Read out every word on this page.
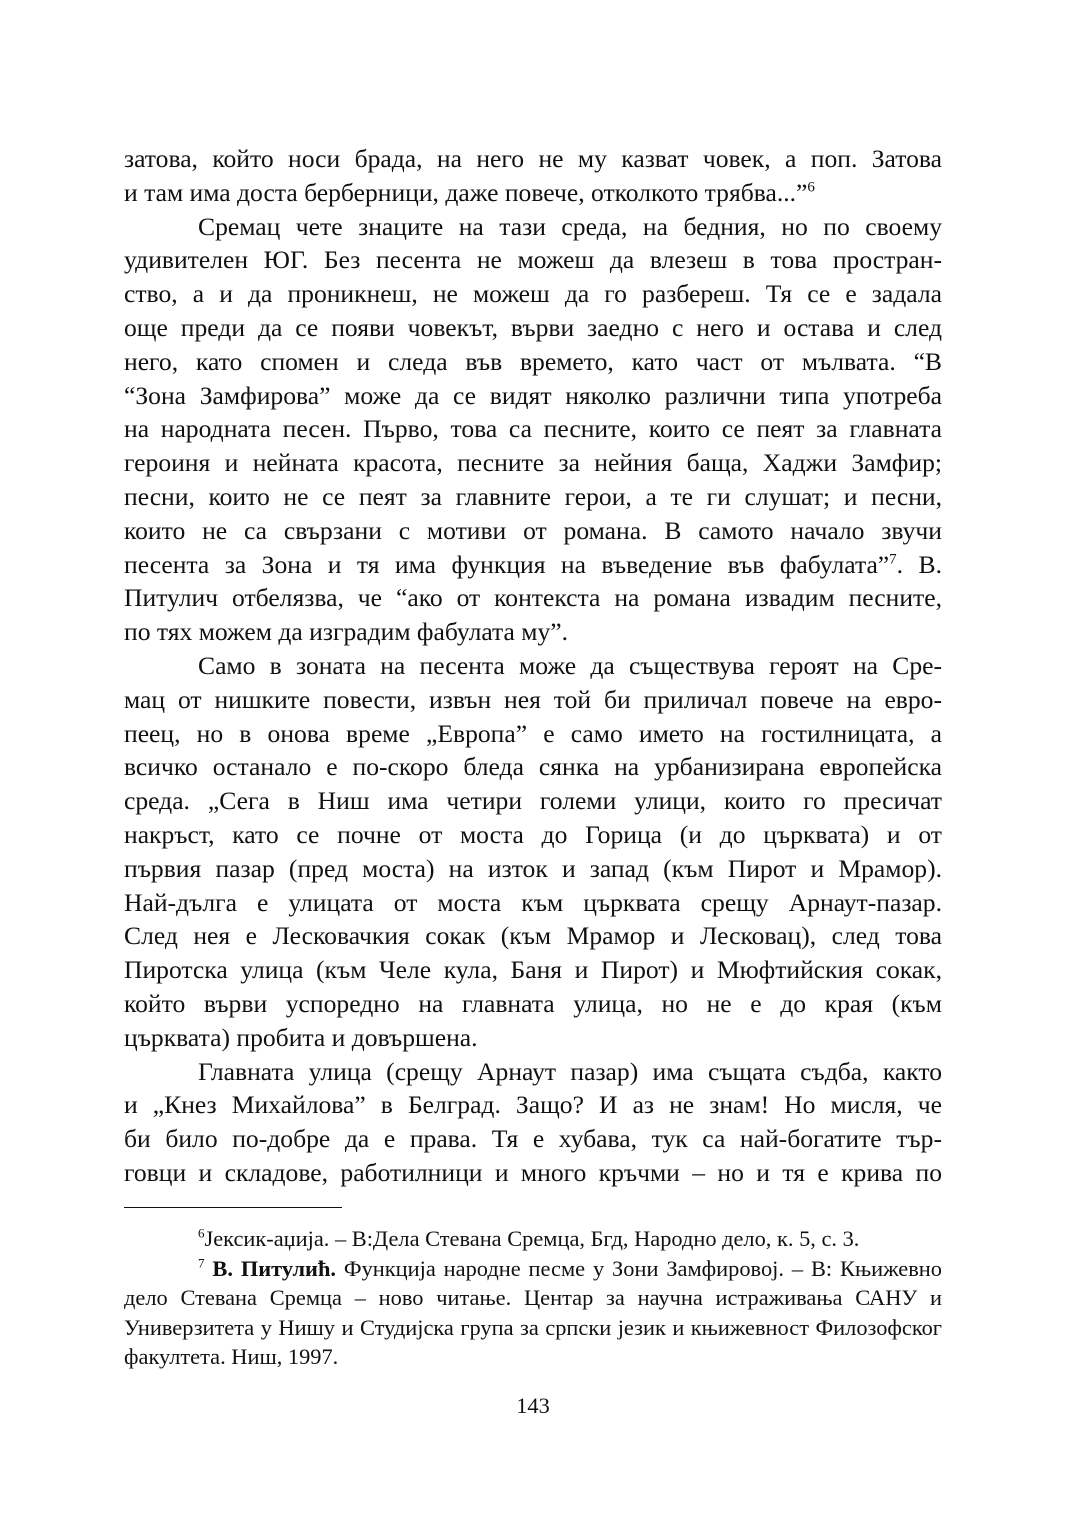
затова, който носи брада, на него не му казват човек, а поп. Затова

и там има доста берберници, даже повече, отколкото трябва...”$^6$

Сремац чете знаците на тази среда, на бедния, но по своему

удивителен ЮГ. Без песента не можеш да влезеш в това простран-

ство, а и да проникнеш, не можеш да го разбереш. Тя се е задала

още преди да се появи човекът, върви заедно с него и остава и след

него, като спомен и следа във времето, като част от мълвата. “В

“Зона Замфирова” може да се видят няколко различни типа употреба

на народната песен. Първо, това са песните, които се пеят за главната

героиня и нейната красота, песните за нейния баща, Хаджи Замфир;

песни, които не се пеят за главните герои, а те ги слушат; и песни,

които не са свързани с мотиви от романа. В самото начало звучи

песента за Зона и тя има функция на въведение във фабулата”$^7$. В.

Питулич отбелязва, че “ако от контекста на романа извадим песните,

по тях можем да изградим фабулата му”.

Само в зоната на песента може да съществува героят на Сре-

мац от нишките повести, извън нея той би приличал повече на евро-

пеец, но в онова време „Европа” е само името на гостилницата, а

всичко останало е по-скоро бледа сянка на урбанизирана европейска

среда. „Сега в Ниш има четири големи улици, които го пресичат

накръст, като се почне от моста до Горица (и до църквата) и от

първия пазар (пред моста) на изток и запад (към Пирот и Мрамор).

Най-дълга е улицата от моста към църквата срещу Арнаут-пазар.

След нея е Лесковачкия сокак (към Мрамор и Лесковац), след това

Пиротска улица (към Челе кула, Баня и Пирот) и Мюфтийския сокак,

който върви успоредно на главната улица, но не е до края (към

църквата) пробита и довършена.

Главната улица (срещу Арнаут пазар) има същата съдба, както

и „Кнез Михайлова” в Белград. Защо? И аз не знам! Но мисля, че

би било по-добре да е права. Тя е хубава, тук са най-богатите тър-

говци и складове, работилници и много кръчми – но и тя е крива по

$^6$Јексик-аџија. – В:Дела Стевана Сремца, Бгд, Народно дело, к. 5, с. 3.

$^7$ В. Питулић. Функција народне песме у Зони Замфировој. – В: Књижевно дело Стевана Сремца – ново читање. Центар за научна истраживања САНУ и Универзитета у Нишу и Студијска група за српски језик и књижевност Филозофског факултета. Ниш, 1997.

143
